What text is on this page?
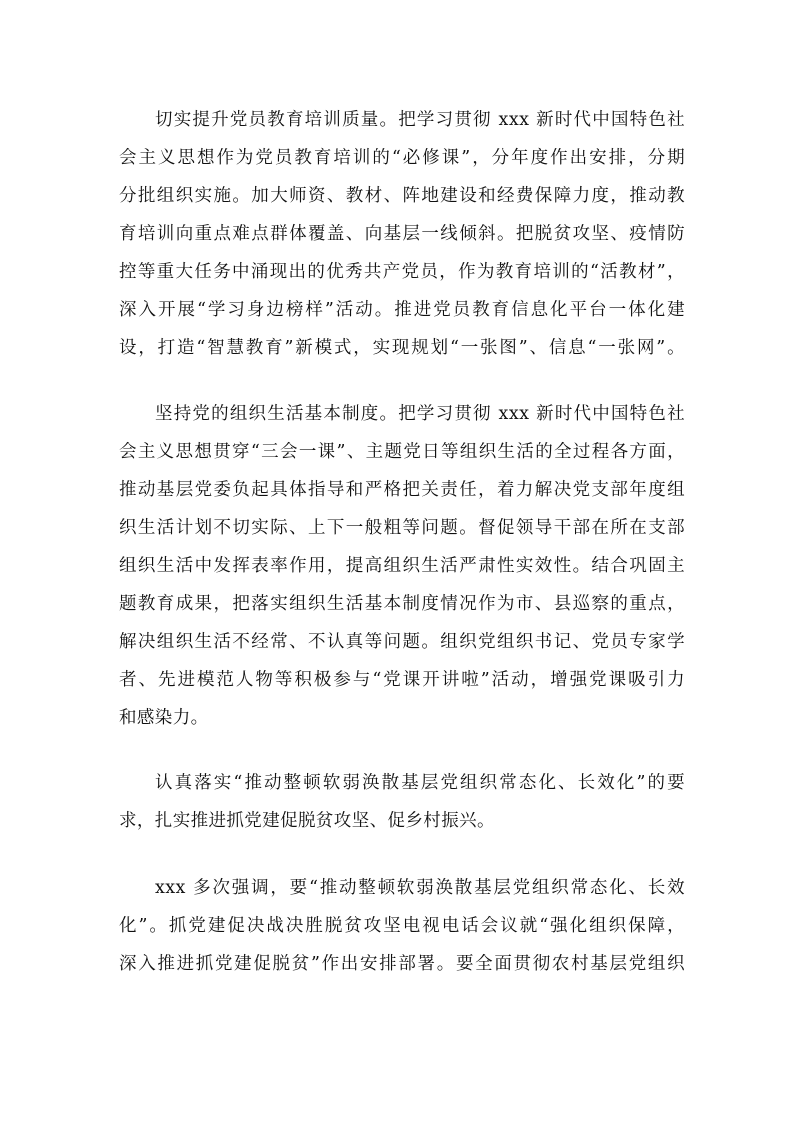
切实提升党员教育培训质量。把学习贯彻 xxx 新时代中国特色社
会主义思想作为党员教育培训的“必修课”，分年度作出安排，分期
分批组织实施。加大师资、教材、阵地建设和经费保障力度，推动教
育培训向重点难点群体覆盖、向基层一线倾斜。把脱贫攻坚、疫情防
控等重大任务中涌现出的优秀共产党员，作为教育培训的“活教材”，
深入开展“学习身边榜样”活动。推进党员教育信息化平台一体化建
设，打造“智慧教育”新模式，实现规划“一张图”、信息“一张网”。
坚持党的组织生活基本制度。把学习贯彻 xxx 新时代中国特色社
会主义思想贯穿“三会一课”、主题党日等组织生活的全过程各方面，
推动基层党委负起具体指导和严格把关责任，着力解决党支部年度组
织生活计划不切实际、上下一般粗等问题。督促领导干部在所在支部
组织生活中发挥表率作用，提高组织生活严肃性实效性。结合巩固主
题教育成果，把落实组织生活基本制度情况作为市、县巡察的重点，
解决组织生活不经常、不认真等问题。组织党组织书记、党员专家学
者、先进模范人物等积极参与“党课开讲啦”活动，增强党课吸引力
和感染力。
认真落实“推动整顿软弱涣散基层党组织常态化、长效化”的要
求，扎实推进抓党建促脱贫攻坚、促乡村振兴。
xxx 多次强调，要“推动整顿软弱涣散基层党组织常态化、长效
化”。抓党建促决战决胜脱贫攻坚电视电话会议就“强化组织保障，
深入推进抓党建促脱贫”作出安排部署。要全面贯彻农村基层党组织
